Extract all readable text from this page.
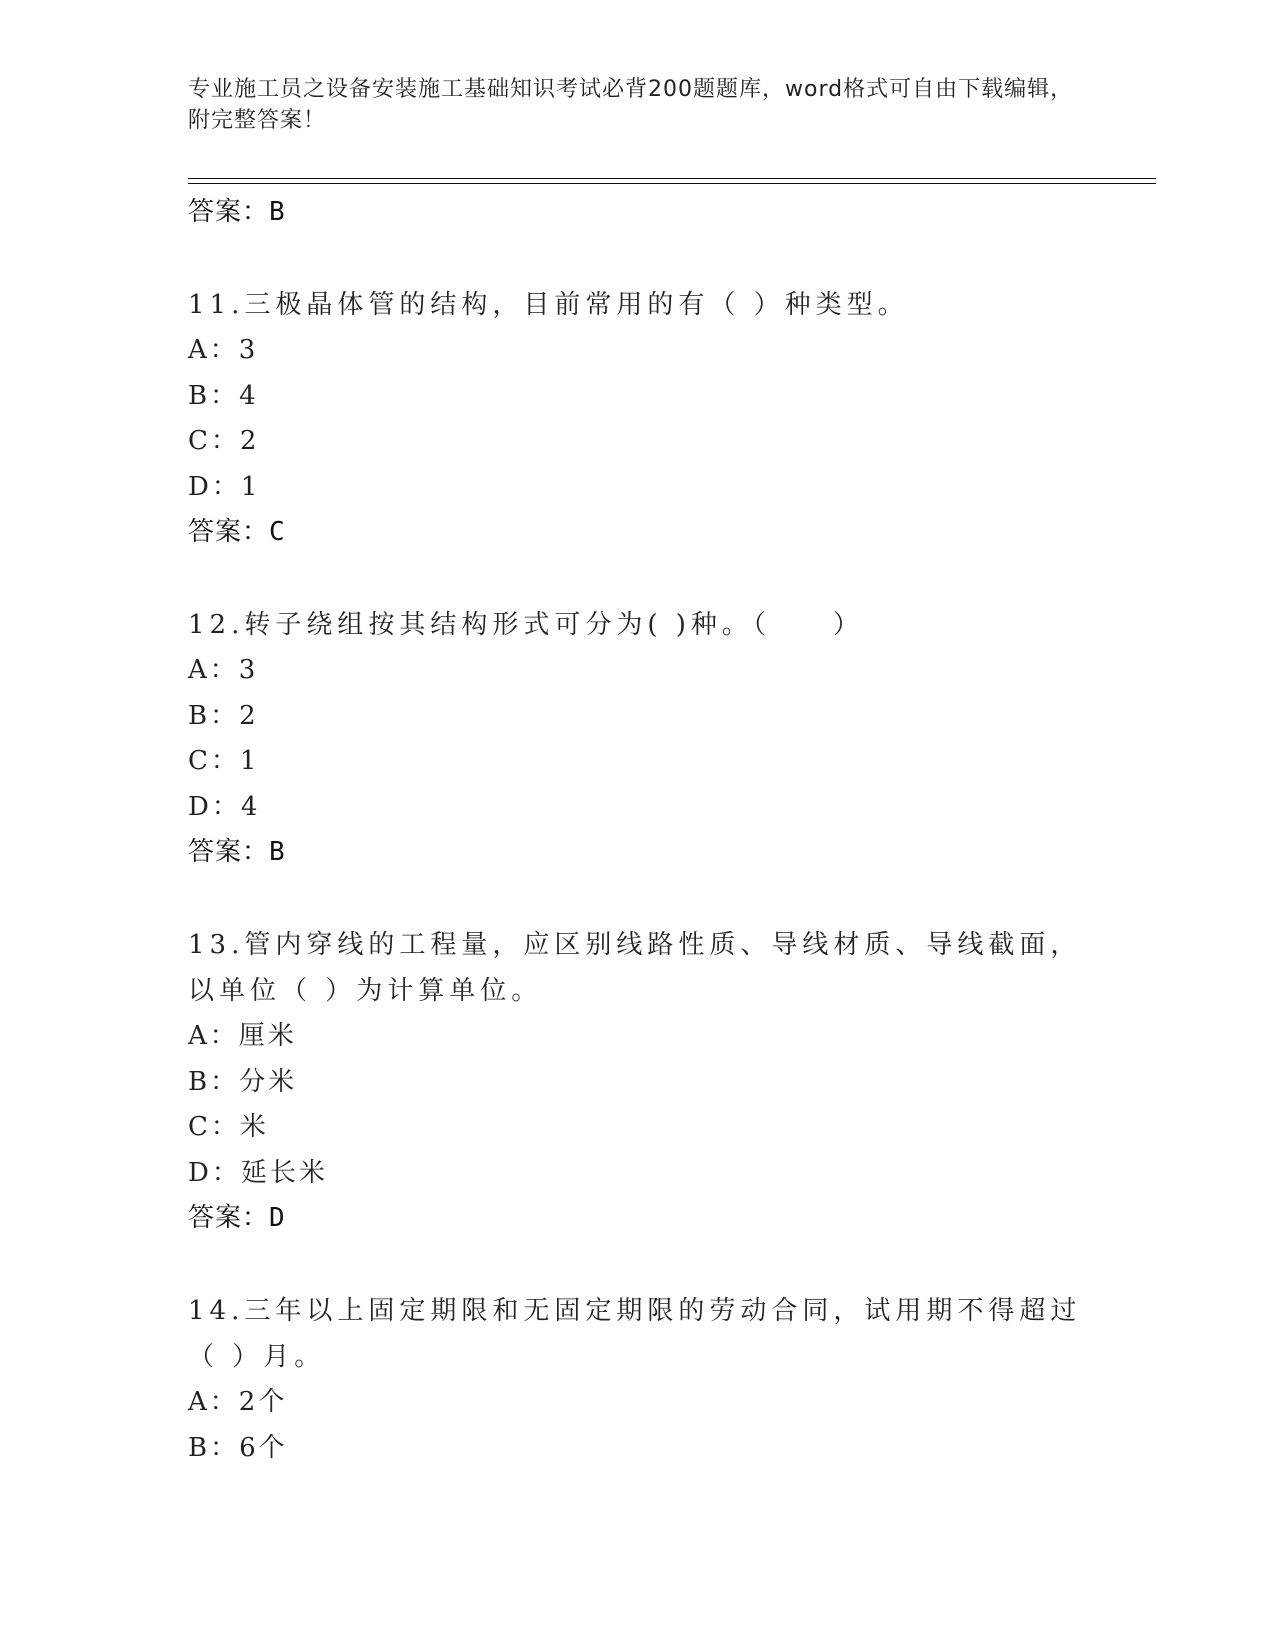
专业施工员之设备安装施工基础知识考试必背200题题库，word格式可自由下载编辑，附完整答案！
答案：B
11.三极晶体管的结构，目前常用的有（ ）种类型。
A：3
B：4
C：2
D：1
答案：C
12.转子绕组按其结构形式可分为( )种。（　　）
A：3
B：2
C：1
D：4
答案：B
13.管内穿线的工程量，应区别线路性质、导线材质、导线截面，以单位（ ）为计算单位。
A：厘米
B：分米
C：米
D：延长米
答案：D
14.三年以上固定期限和无固定期限的劳动合同，试用期不得超过（ ）月。
A：2个
B：6个
